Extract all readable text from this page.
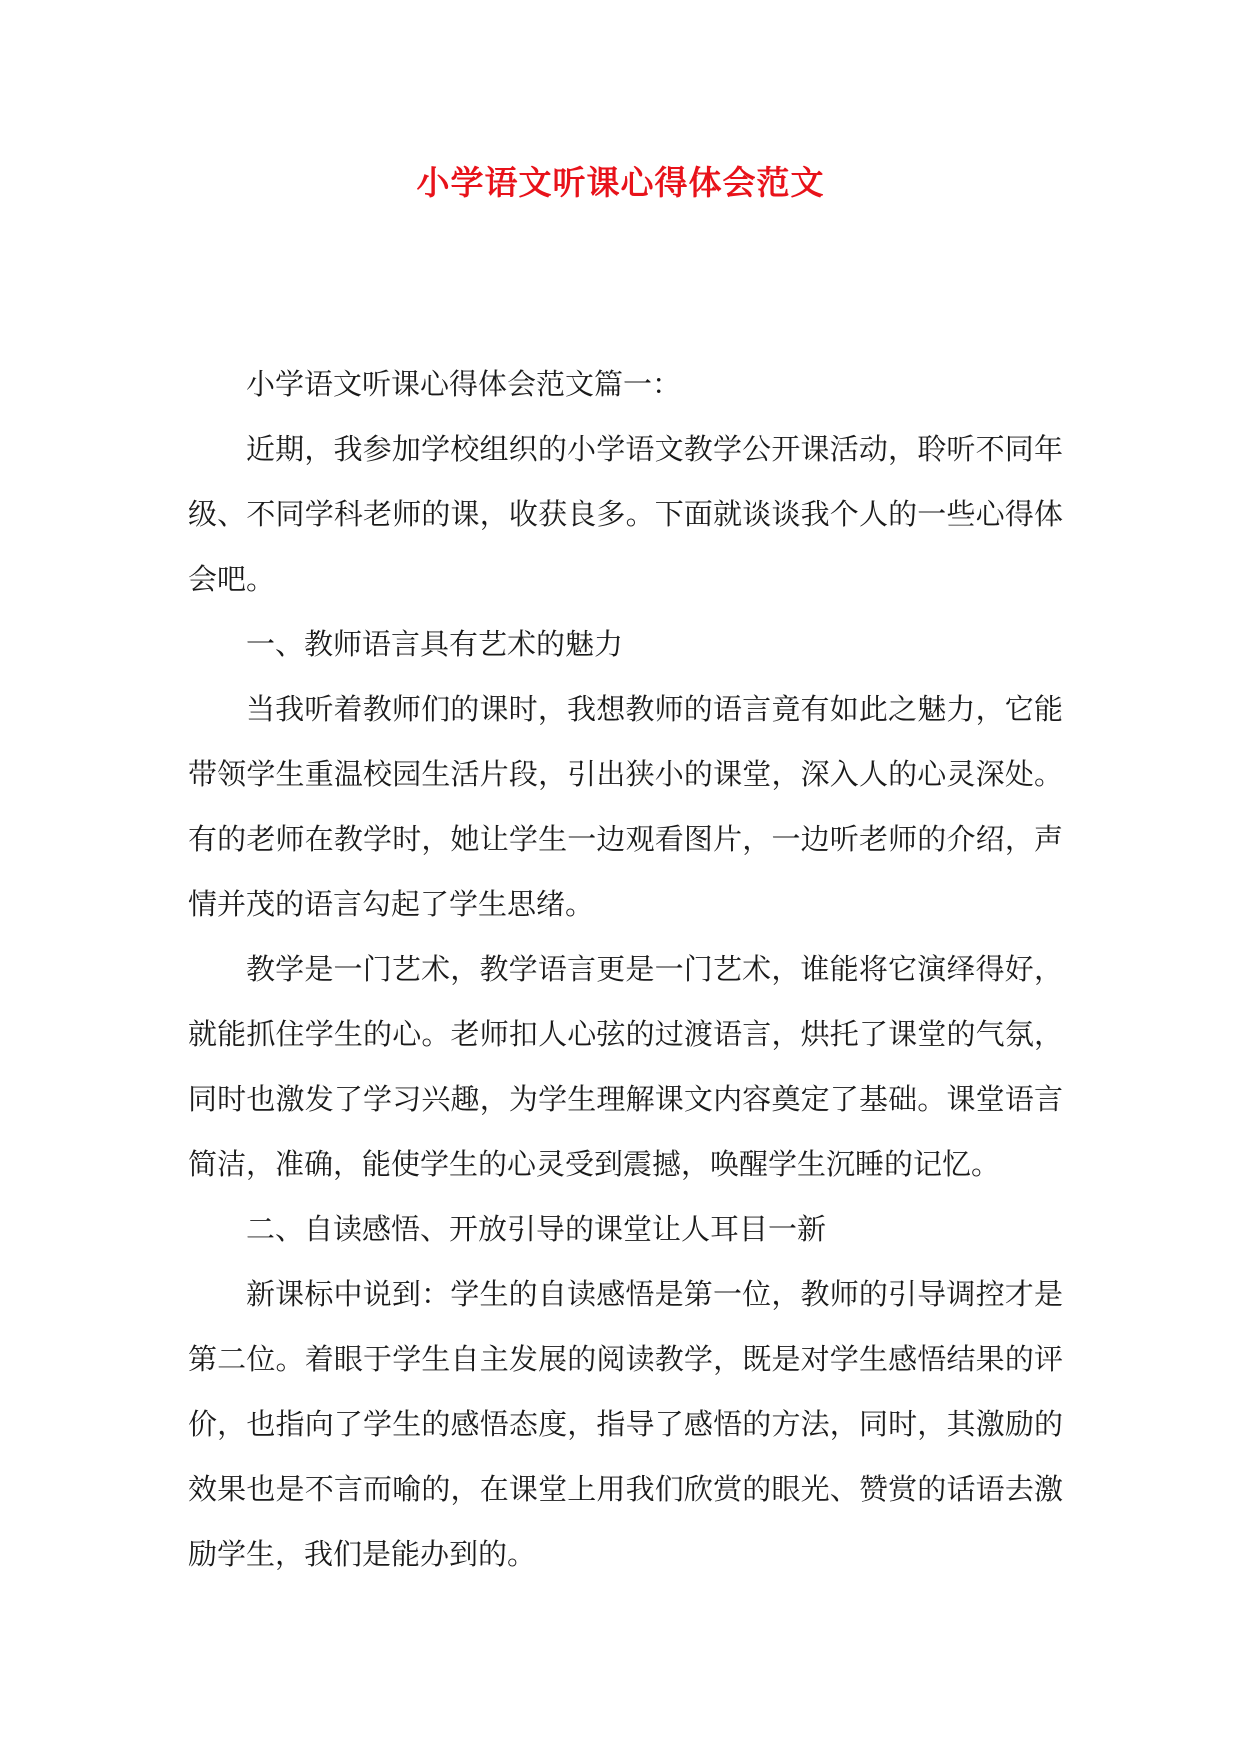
小学语文听课心得体会范文

小学语文听课心得体会范文篇一：

近期，我参加学校组织的小学语文教学公开课活动，聆听不同年级、不同学科老师的课，收获良多。下面就谈谈我个人的一些心得体会吧。

一、教师语言具有艺术的魅力

当我听着教师们的课时，我想教师的语言竟有如此之魅力，它能带领学生重温校园生活片段，引出狭小的课堂，深入人的心灵深处。有的老师在教学时，她让学生一边观看图片，一边听老师的介绍，声情并茂的语言勾起了学生思绪。

教学是一门艺术，教学语言更是一门艺术，谁能将它演绎得好，就能抓住学生的心。老师扣人心弦的过渡语言，烘托了课堂的气氛，同时也激发了学习兴趣，为学生理解课文内容奠定了基础。课堂语言简洁，准确，能使学生的心灵受到震撼，唤醒学生沉睡的记忆。

二、自读感悟、开放引导的课堂让人耳目一新

新课标中说到：学生的自读感悟是第一位，教师的引导调控才是第二位。着眼于学生自主发展的阅读教学，既是对学生感悟结果的评价，也指向了学生的感悟态度，指导了感悟的方法，同时，其激励的效果也是不言而喻的，在课堂上用我们欣赏的眼光、赞赏的话语去激励学生，我们是能办到的。
